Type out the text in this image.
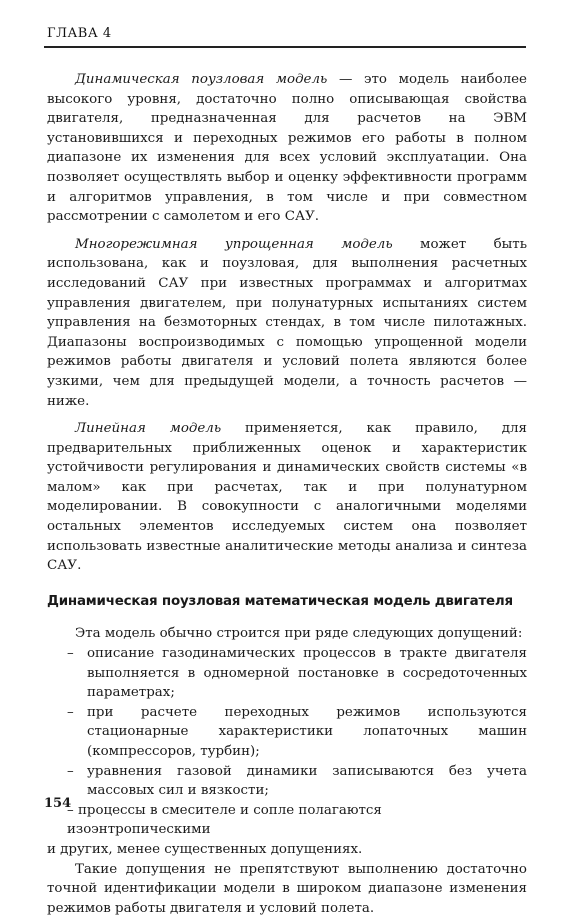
ГЛАВА 4

Динамическая поузловая модель — это модель наиболее высокого уровня, достаточно полно описывающая свойства двигателя, предназначенная для расчетов на ЭВМ установившихся и переходных режимов его работы в полном диапазоне их изменения для всех условий эксплуатации. Она позволяет осуществлять выбор и оценку эффективности программ и алгоритмов управления, в том числе и при совместном рассмотрении с самолетом и его САУ.

Многорежимная упрощенная модель может быть использована, как и поузловая, для выполнения расчетных исследований САУ при известных программах и алгоритмах управления двигателем, при полунатурных испытаниях систем управления на безмоторных стендах, в том числе пилотажных. Диапазоны воспроизводимых с помощью упрощенной модели режимов работы двигателя и условий полета являются более узкими, чем для предыдущей модели, а точность расчетов — ниже.

Линейная модель применяется, как правило, для предварительных приближенных оценок и характеристик устойчивости регулирования и динамических свойств системы «в малом» как при расчетах, так и при полунатурном моделировании. В совокупности с аналогичными моделями остальных элементов исследуемых систем она позволяет использовать известные аналитические методы анализа и синтеза САУ.

Динамическая поузловая математическая модель двигателя

Эта модель обычно строится при ряде следующих допущений:

– описание газодинамических процессов в тракте двигателя выполняется в одномерной постановке в сосредоточенных параметрах;
– при расчете переходных режимов используются стационарные характеристики лопаточных машин (компрессоров, турбин);
– уравнения газовой динамики записываются без учета массовых сил и вязкости;

– процессы в смесителе и сопле полагаются изоэнтропическими

и других, менее существенных допущениях.

Такие допущения не препятствуют выполнению достаточно точной идентификации модели в широком диапазоне изменения режимов работы двигателя и условий полета.

154
